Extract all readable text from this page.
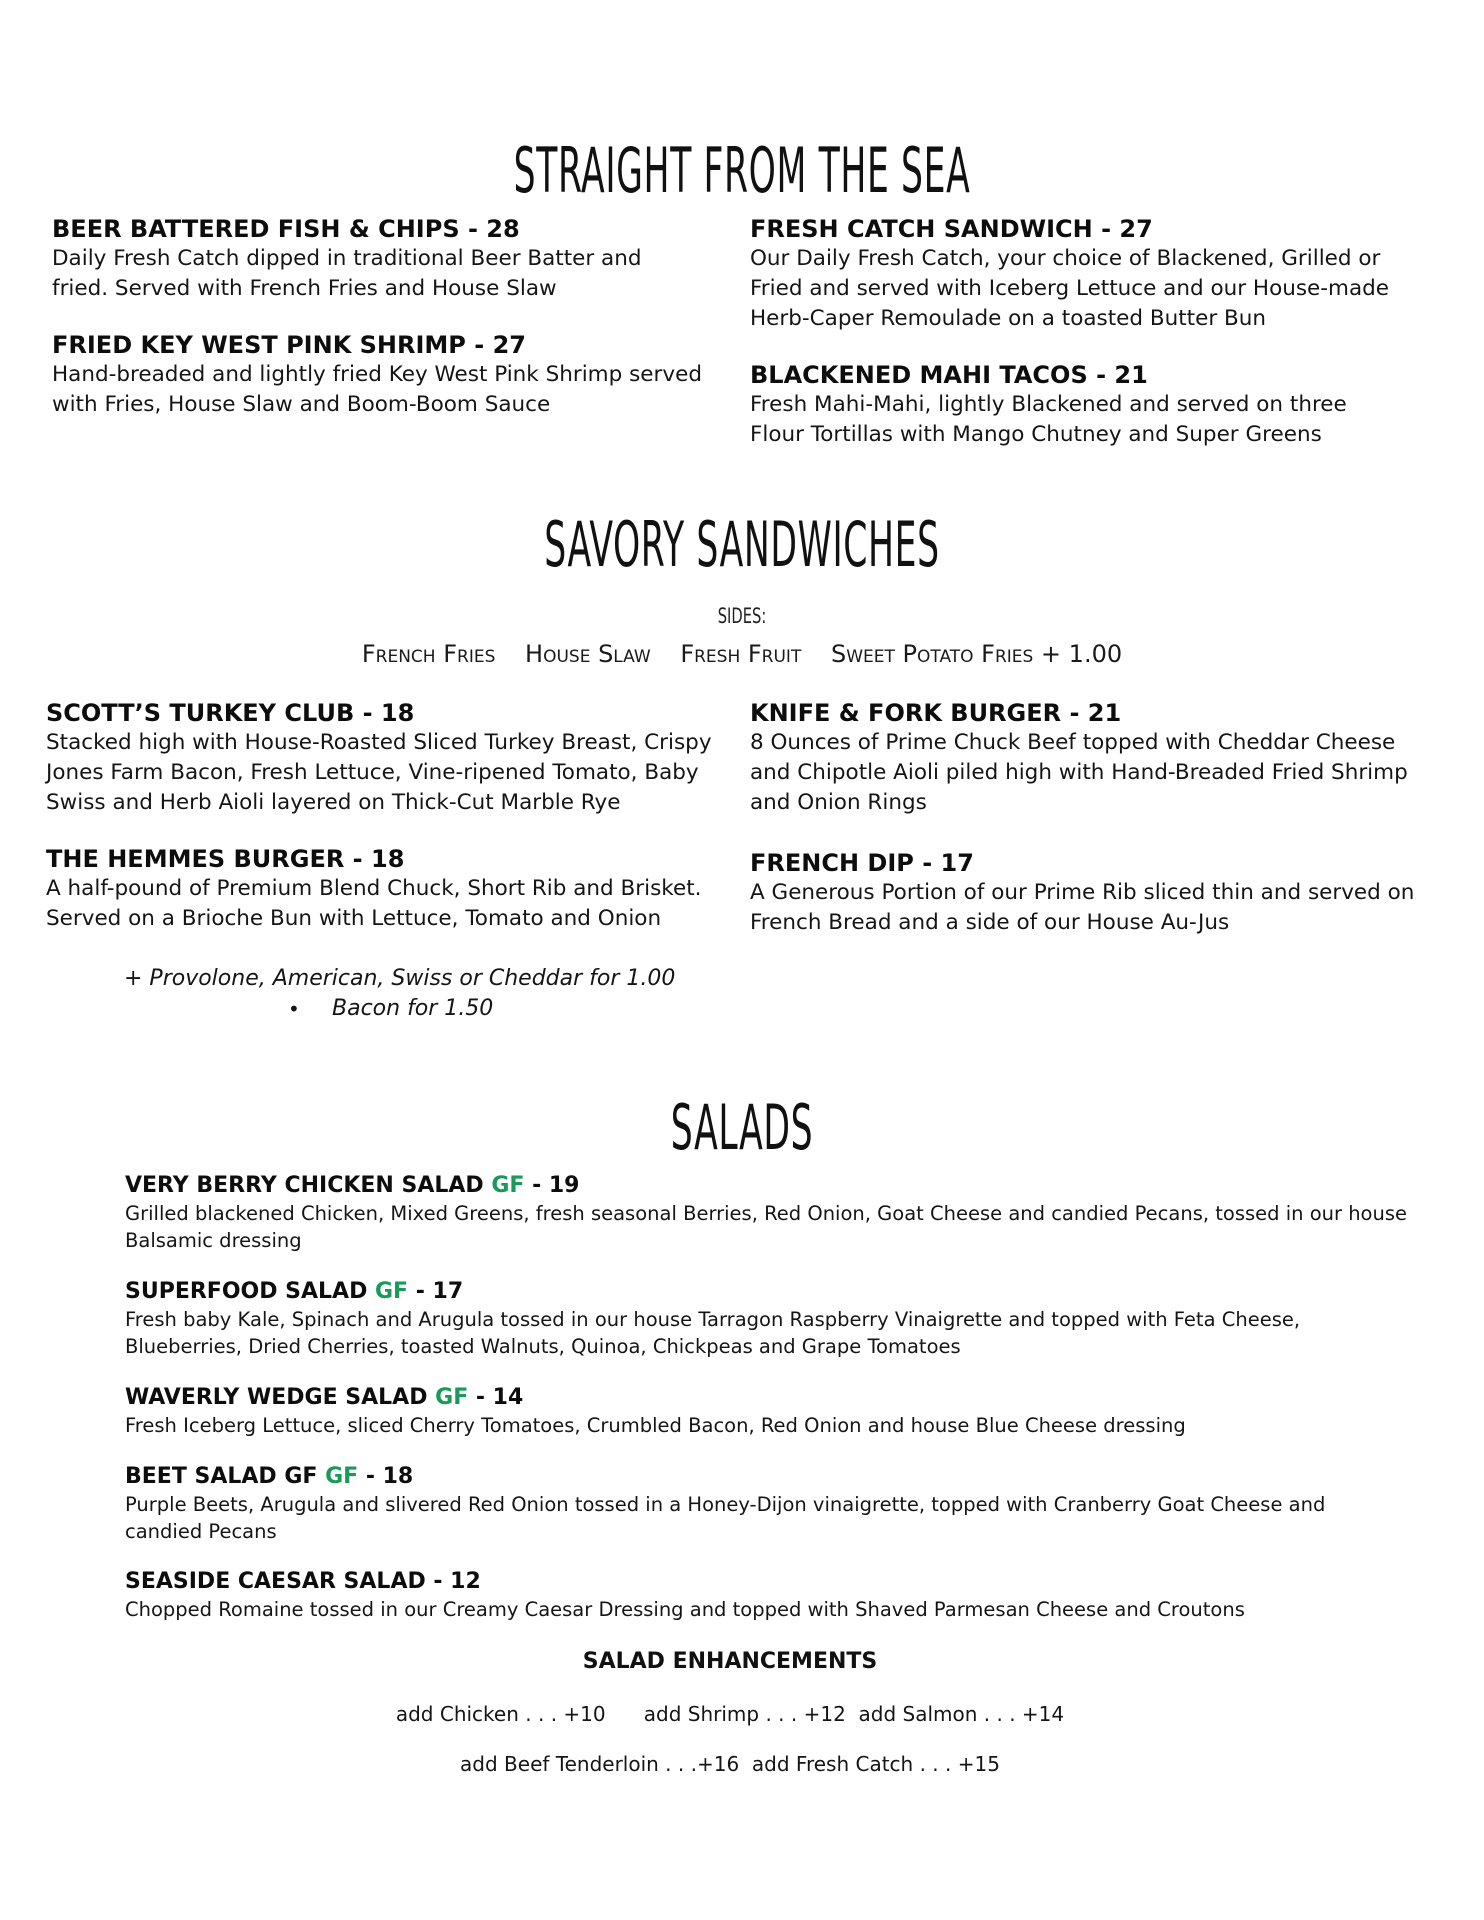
STRAIGHT FROM THE SEA
BEER BATTERED FISH & CHIPS - 28
Daily Fresh Catch dipped in traditional Beer Batter and fried. Served with French Fries and House Slaw
FRIED KEY WEST PINK SHRIMP - 27
Hand-breaded and lightly fried Key West Pink Shrimp served with Fries, House Slaw and Boom-Boom Sauce
FRESH CATCH SANDWICH - 27
Our Daily Fresh Catch, your choice of Blackened, Grilled or Fried and served with Iceberg Lettuce and our House-made Herb-Caper Remoulade on a toasted Butter Bun
BLACKENED MAHI TACOS - 21
Fresh Mahi-Mahi, lightly Blackened and served on three Flour Tortillas with Mango Chutney and Super Greens
SAVORY SANDWICHES
SIDES:
French Fries House Slaw Fresh Fruit Sweet Potato Fries + 1.00
SCOTT’S TURKEY CLUB - 18
Stacked high with House-Roasted Sliced Turkey Breast, Crispy Jones Farm Bacon, Fresh Lettuce, Vine-ripened Tomato, Baby Swiss and Herb Aioli layered on Thick-Cut Marble Rye
THE HEMMES BURGER - 18
A half-pound of Premium Blend Chuck, Short Rib and Brisket. Served on a Brioche Bun with Lettuce, Tomato and Onion
KNIFE & FORK BURGER - 21
8 Ounces of Prime Chuck Beef topped with Cheddar Cheese and Chipotle Aioli piled high with Hand-Breaded Fried Shrimp and Onion Rings
FRENCH DIP - 17
A Generous Portion of our Prime Rib sliced thin and served on French Bread and a side of our House Au-Jus
+ Provolone, American, Swiss or Cheddar for 1.00
• Bacon for 1.50
SALADS
VERY BERRY CHICKEN SALAD GF - 19
Grilled blackened Chicken, Mixed Greens, fresh seasonal Berries, Red Onion, Goat Cheese and candied Pecans, tossed in our house Balsamic dressing
SUPERFOOD SALAD GF - 17
Fresh baby Kale, Spinach and Arugula tossed in our house Tarragon Raspberry Vinaigrette and topped with Feta Cheese, Blueberries, Dried Cherries, toasted Walnuts, Quinoa, Chickpeas and Grape Tomatoes
WAVERLY WEDGE SALAD GF - 14
Fresh Iceberg Lettuce, sliced Cherry Tomatoes, Crumbled Bacon, Red Onion and house Blue Cheese dressing
BEET SALAD GF GF - 18
Purple Beets, Arugula and slivered Red Onion tossed in a Honey-Dijon vinaigrette, topped with Cranberry Goat Cheese and candied Pecans
SEASIDE CAESAR SALAD - 12
Chopped Romaine tossed in our Creamy Caesar Dressing and topped with Shaved Parmesan Cheese and Croutons
SALAD ENHANCEMENTS
add Chicken . . . +10      add Shrimp . . . +12  add Salmon . . . +14
add Beef Tenderloin . . .+16  add Fresh Catch . . . +15
